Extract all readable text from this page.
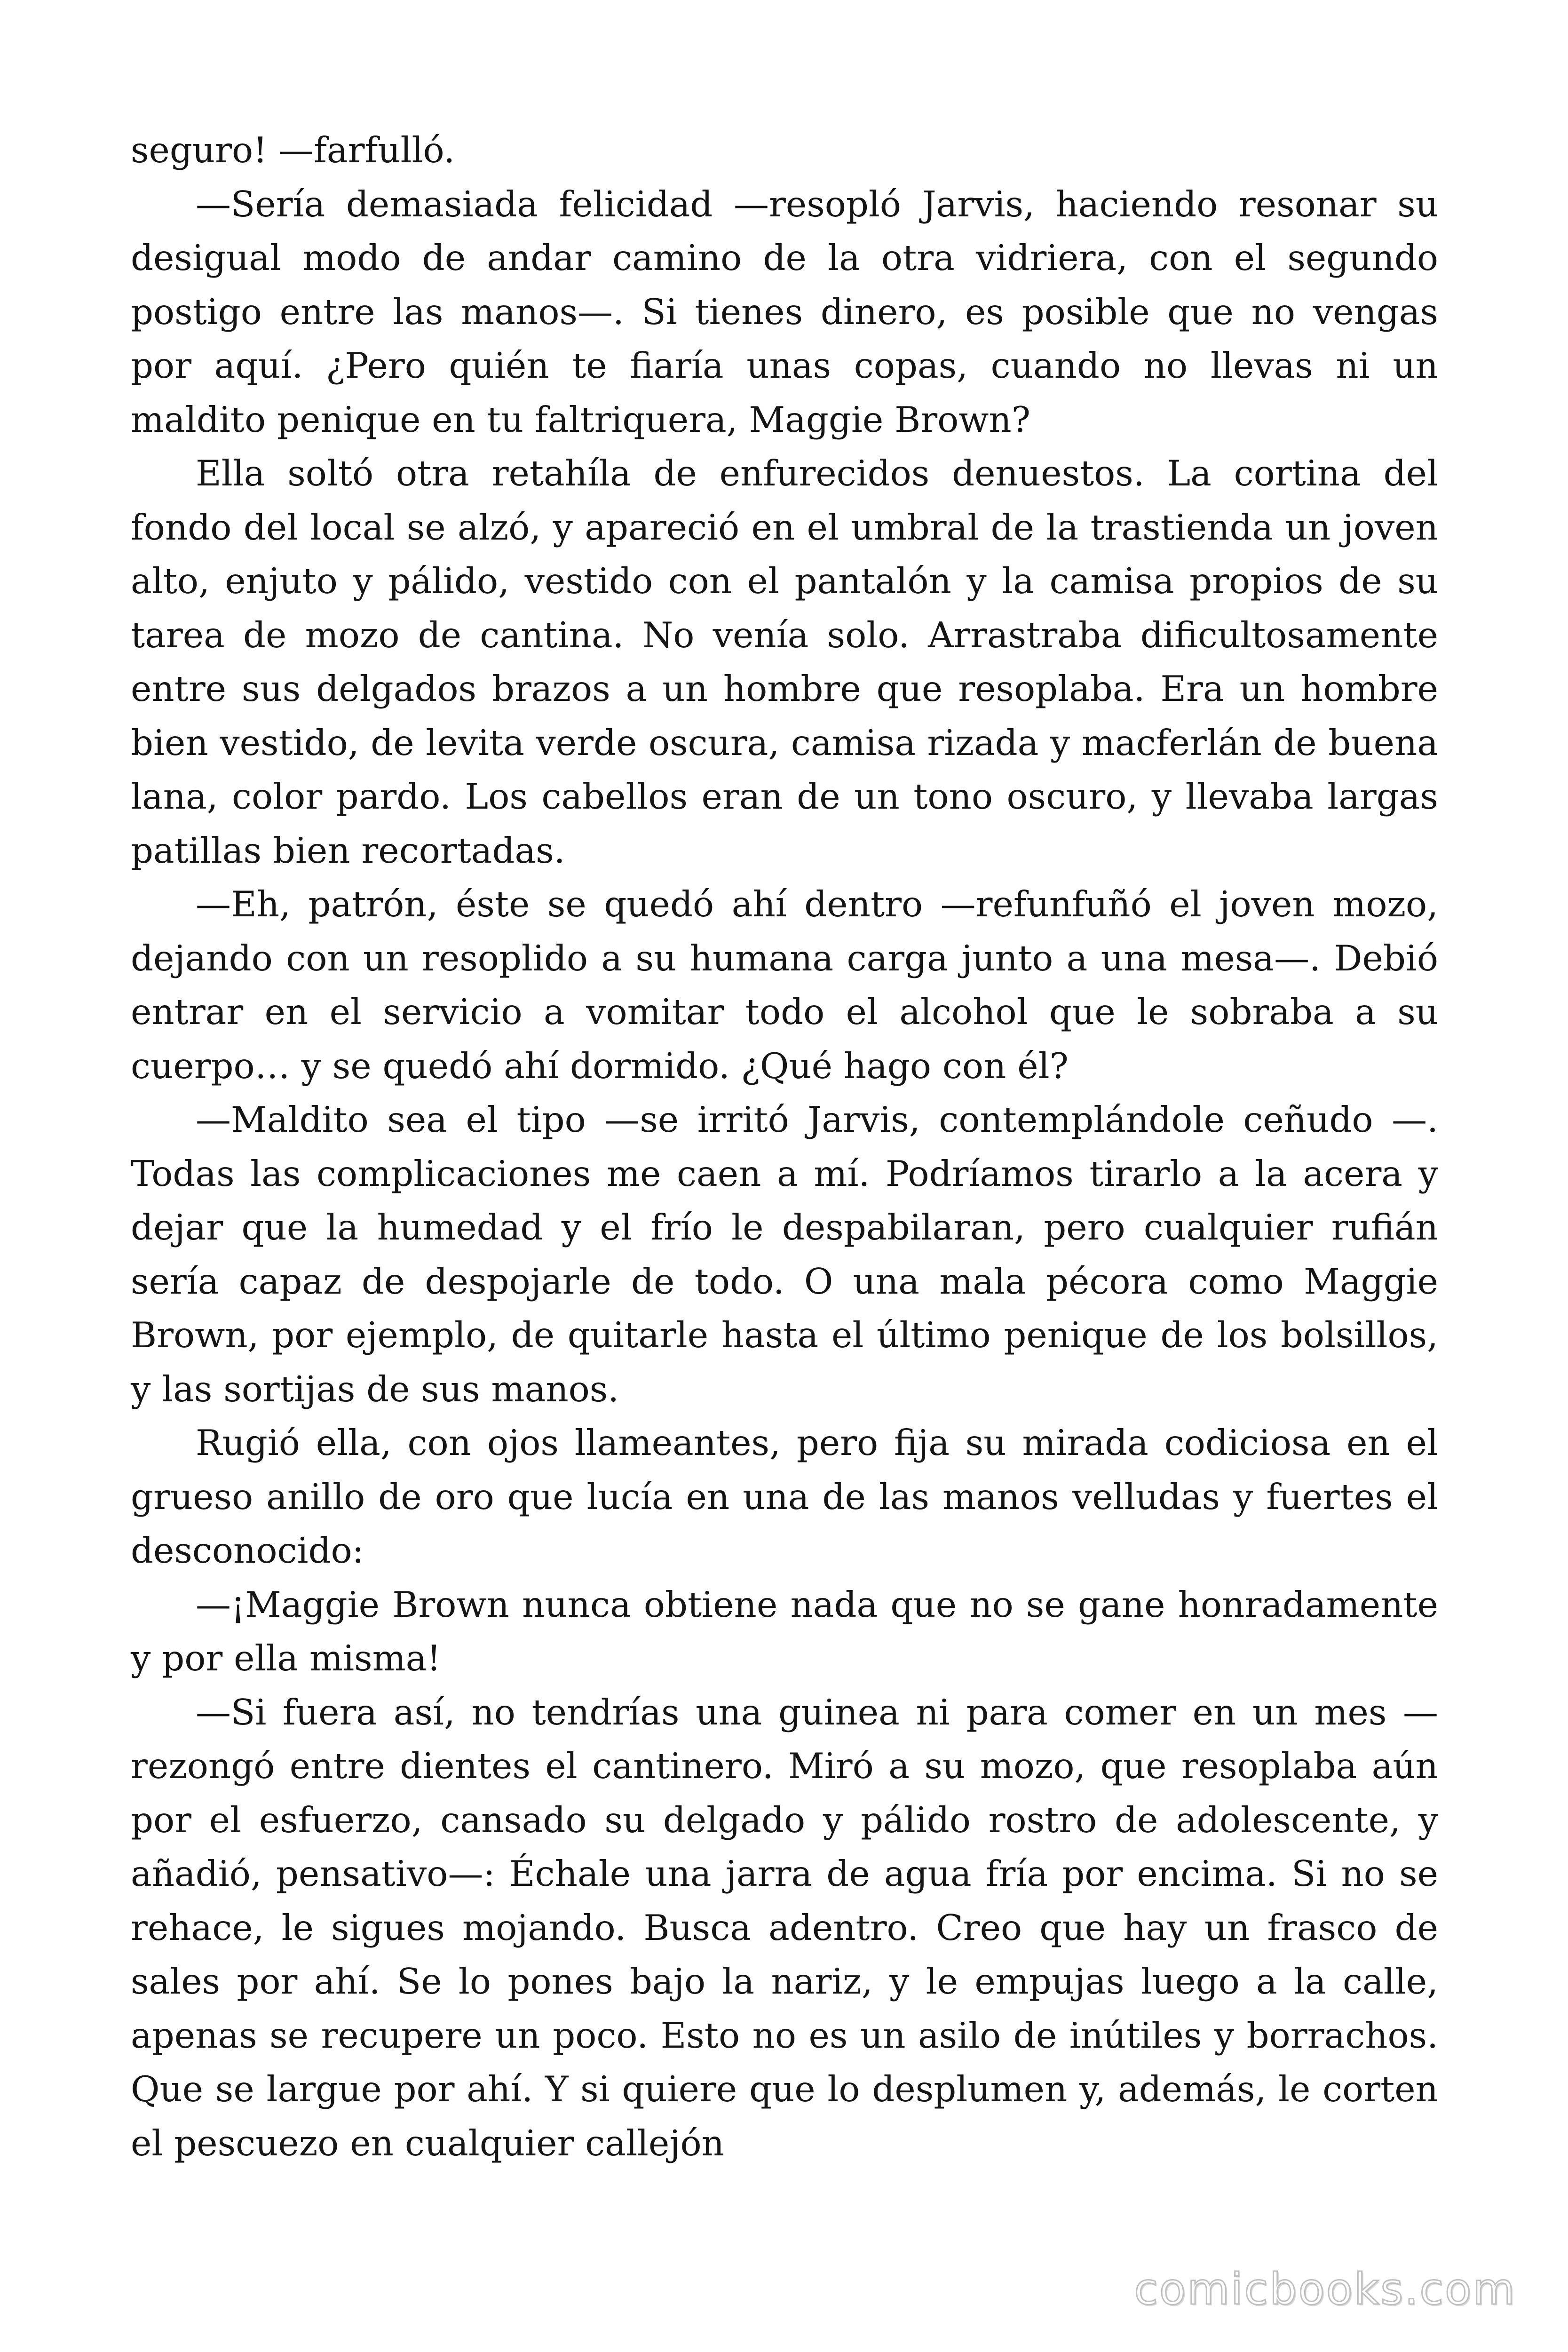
seguro! —farfulló.

—Sería demasiada felicidad —resopló Jarvis, haciendo resonar su desigual modo de andar camino de la otra vidriera, con el segundo postigo entre las manos—. Si tienes dinero, es posible que no vengas por aquí. ¿Pero quién te fiaría unas copas, cuando no llevas ni un maldito penique en tu faltriquera, Maggie Brown?

Ella soltó otra retahíla de enfurecidos denuestos. La cortina del fondo del local se alzó, y apareció en el umbral de la trastienda un joven alto, enjuto y pálido, vestido con el pantalón y la camisa propios de su tarea de mozo de cantina. No venía solo. Arrastraba dificultosamente entre sus delgados brazos a un hombre que resoplaba. Era un hombre bien vestido, de levita verde oscura, camisa rizada y macferlán de buena lana, color pardo. Los cabellos eran de un tono oscuro, y llevaba largas patillas bien recortadas.

—Eh, patrón, éste se quedó ahí dentro —refunfuñó el joven mozo, dejando con un resoplido a su humana carga junto a una mesa—. Debió entrar en el servicio a vomitar todo el alcohol que le sobraba a su cuerpo… y se quedó ahí dormido. ¿Qué hago con él?

—Maldito sea el tipo —se irritó Jarvis, contemplándole ceñudo —. Todas las complicaciones me caen a mí. Podríamos tirarlo a la acera y dejar que la humedad y el frío le despabilaran, pero cualquier rufián sería capaz de despojarle de todo. O una mala pécora como Maggie Brown, por ejemplo, de quitarle hasta el último penique de los bolsillos, y las sortijas de sus manos.

Rugió ella, con ojos llameantes, pero fija su mirada codiciosa en el grueso anillo de oro que lucía en una de las manos velludas y fuertes el desconocido:

—¡Maggie Brown nunca obtiene nada que no se gane honradamente y por ella misma!

—Si fuera así, no tendrías una guinea ni para comer en un mes —rezongó entre dientes el cantinero. Miró a su mozo, que resoplaba aún por el esfuerzo, cansado su delgado y pálido rostro de adolescente, y añadió, pensativo—: Échale una jarra de agua fría por encima. Si no se rehace, le sigues mojando. Busca adentro. Creo que hay un frasco de sales por ahí. Se lo pones bajo la nariz, y le empujas luego a la calle, apenas se recupere un poco. Esto no es un asilo de inútiles y borrachos. Que se largue por ahí. Y si quiere que lo desplumen y, además, le corten el pescuezo en cualquier callejón

comicbooks.com
